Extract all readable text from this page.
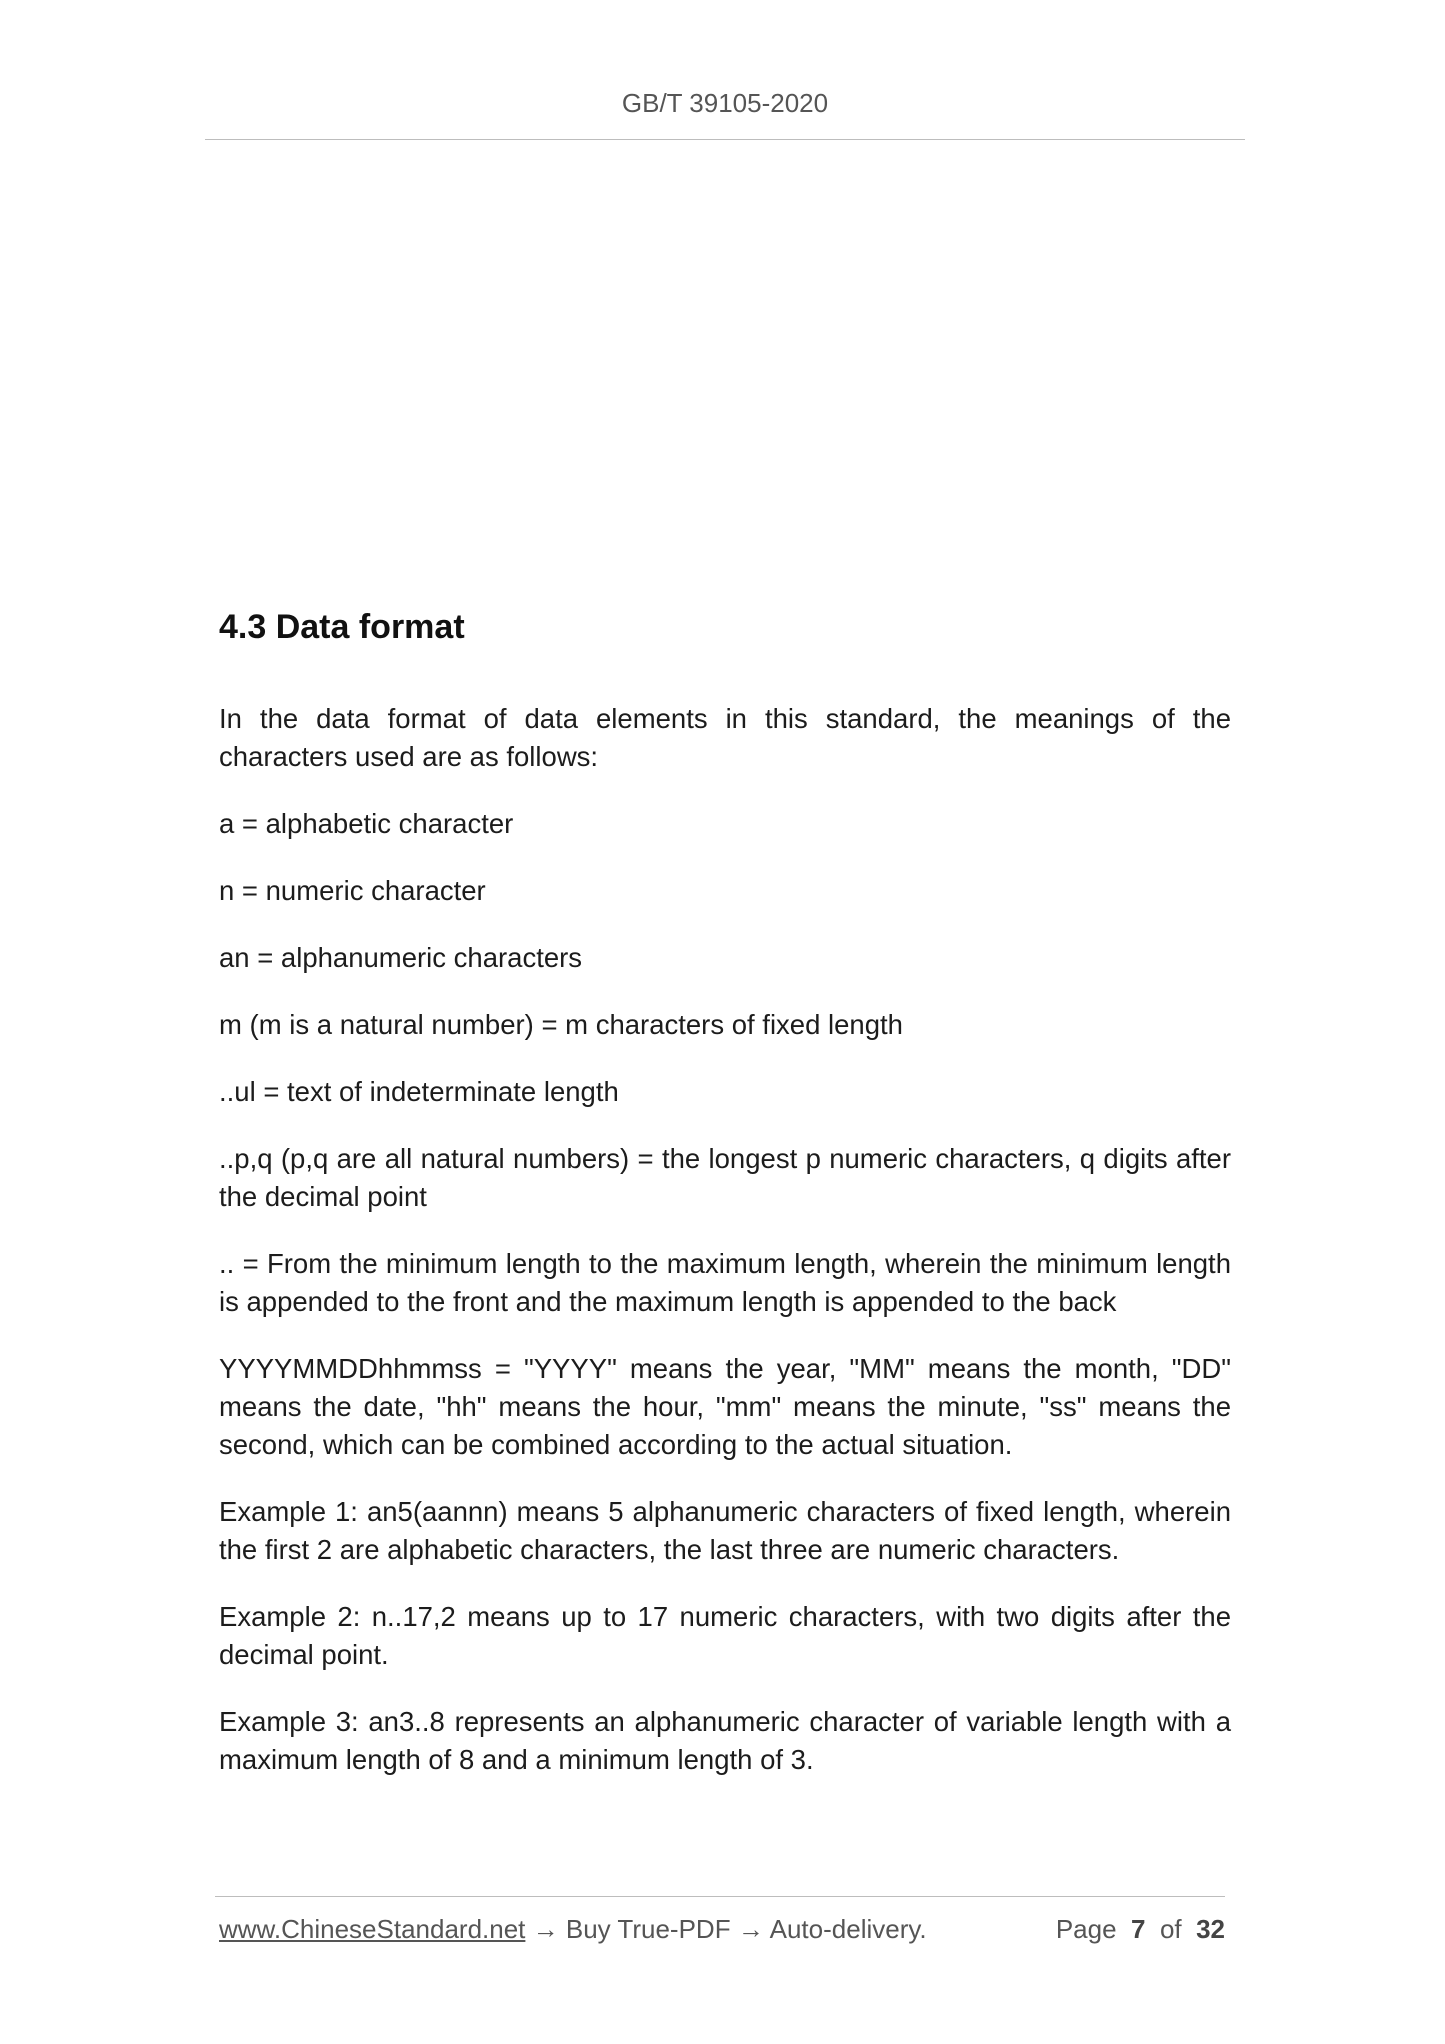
GB/T 39105-2020
4.3 Data format

In the data format of data elements in this standard, the meanings of the characters used are as follows:

a = alphabetic character

n = numeric character

an = alphanumeric characters

m (m is a natural number) = m characters of fixed length

..ul = text of indeterminate length

..p,q (p,q are all natural numbers) = the longest p numeric characters, q digits after the decimal point

.. = From the minimum length to the maximum length, wherein the minimum length is appended to the front and the maximum length is appended to the back

YYYYMMDDhhmmss = "YYYY" means the year, "MM" means the month, "DD" means the date, "hh" means the hour, "mm" means the minute, "ss" means the second, which can be combined according to the actual situation.

Example 1: an5(aannn) means 5 alphanumeric characters of fixed length, wherein the first 2 are alphabetic characters, the last three are numeric characters.

Example 2: n..17,2 means up to 17 numeric characters, with two digits after the decimal point.

Example 3: an3..8 represents an alphanumeric character of variable length with a maximum length of 8 and a minimum length of 3.

www.ChineseStandard.net → Buy True-PDF → Auto-delivery.	Page 7 of 32
